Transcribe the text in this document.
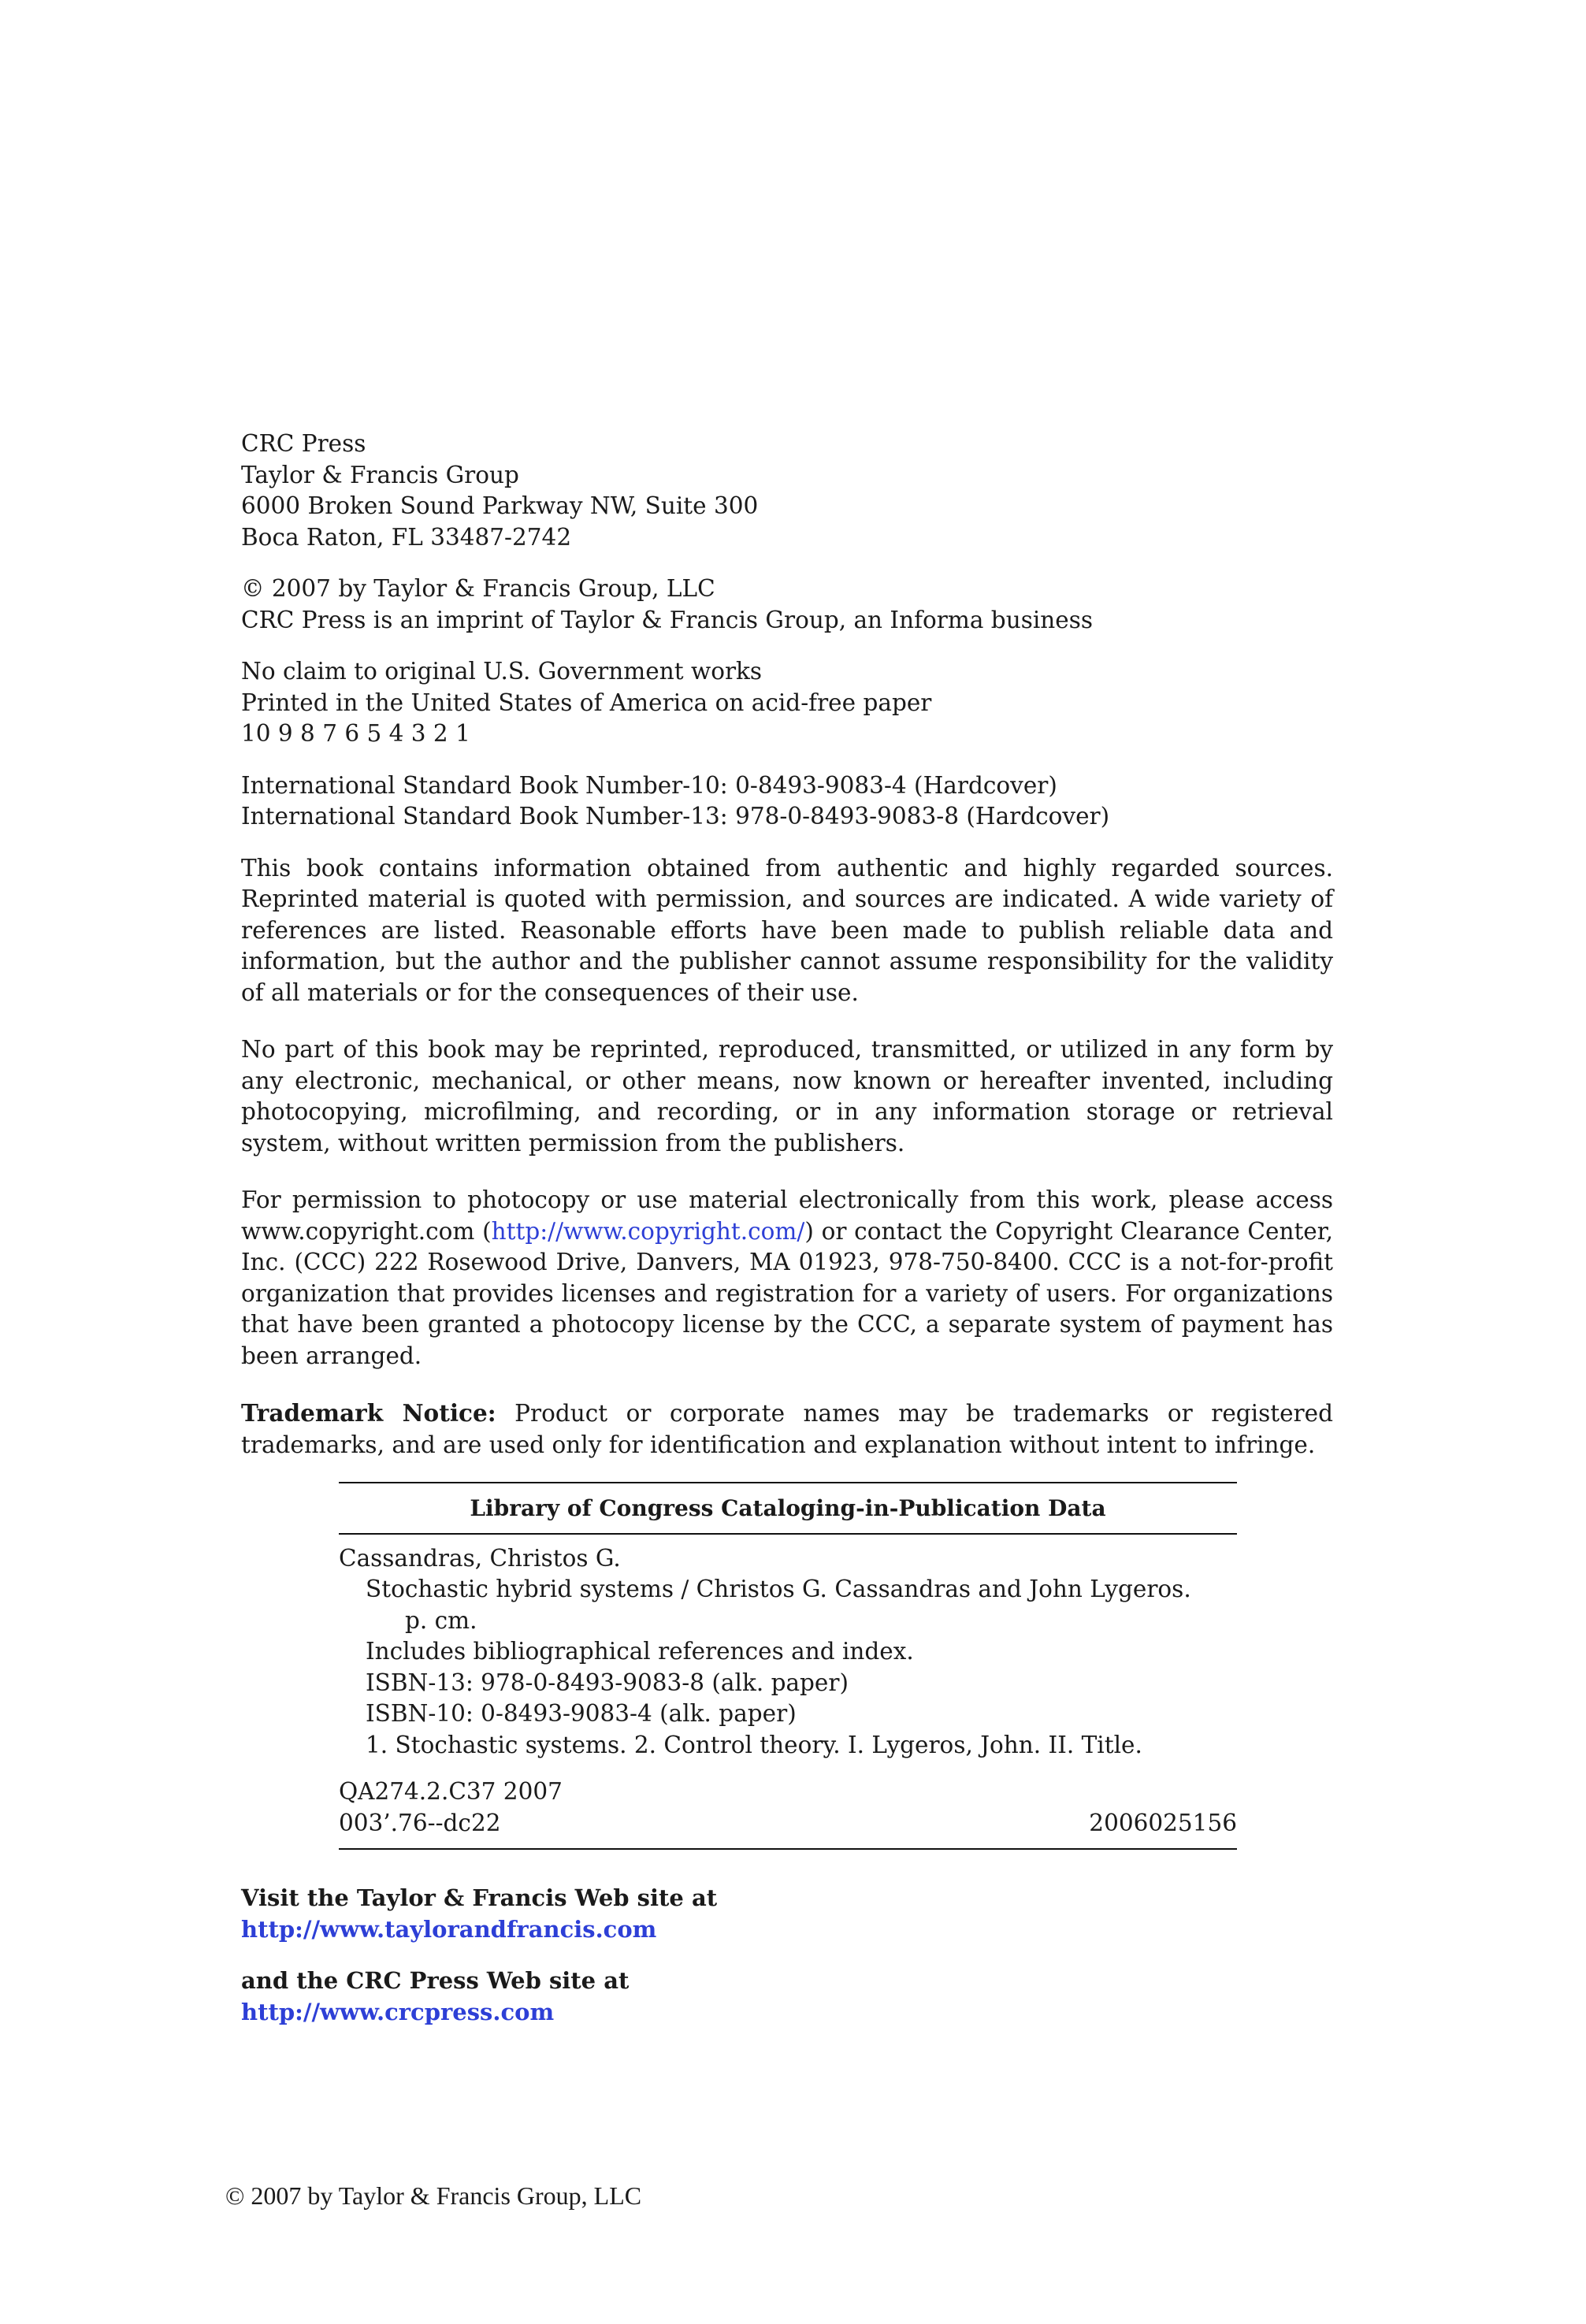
CRC Press
Taylor & Francis Group
6000 Broken Sound Parkway NW, Suite 300
Boca Raton, FL 33487-2742
© 2007 by Taylor & Francis Group, LLC
CRC Press is an imprint of Taylor & Francis Group, an Informa business
No claim to original U.S. Government works
Printed in the United States of America on acid-free paper
10 9 8 7 6 5 4 3 2 1
International Standard Book Number-10: 0-8493-9083-4 (Hardcover)
International Standard Book Number-13: 978-0-8493-9083-8 (Hardcover)

This book contains information obtained from authentic and highly regarded sources. Reprinted material is quoted with permission, and sources are indicated. A wide variety of references are listed. Reasonable efforts have been made to publish reliable data and information, but the author and the publisher cannot assume responsibility for the validity of all materials or for the consequences of their use.

No part of this book may be reprinted, reproduced, transmitted, or utilized in any form by any electronic, mechanical, or other means, now known or hereafter invented, including photocopying, microfilming, and recording, or in any information storage or retrieval system, without written permission from the publishers.

For permission to photocopy or use material electronically from this work, please access www.copyright.com (http://www.copyright.com/) or contact the Copyright Clearance Center, Inc. (CCC) 222 Rosewood Drive, Danvers, MA 01923, 978-750-8400. CCC is a not-for-profit organization that provides licenses and registration for a variety of users. For organizations that have been granted a photocopy license by the CCC, a separate system of payment has been arranged.

Trademark Notice: Product or corporate names may be trademarks or registered trademarks, and are used only for identification and explanation without intent to infringe.

Library of Congress Cataloging-in-Publication Data
Cassandras, Christos G.
Stochastic hybrid systems / Christos G. Cassandras and John Lygeros.
p. cm.
Includes bibliographical references and index.
ISBN-13: 978-0-8493-9083-8 (alk. paper)
ISBN-10: 0-8493-9083-4 (alk. paper)
1. Stochastic systems. 2. Control theory. I. Lygeros, John. II. Title.
QA274.2.C37 2007
003’.76--dc22	2006025156
Visit the Taylor & Francis Web site at
http://www.taylorandfrancis.com
and the CRC Press Web site at
http://www.crcpress.com
© 2007 by Taylor & Francis Group, LLC
